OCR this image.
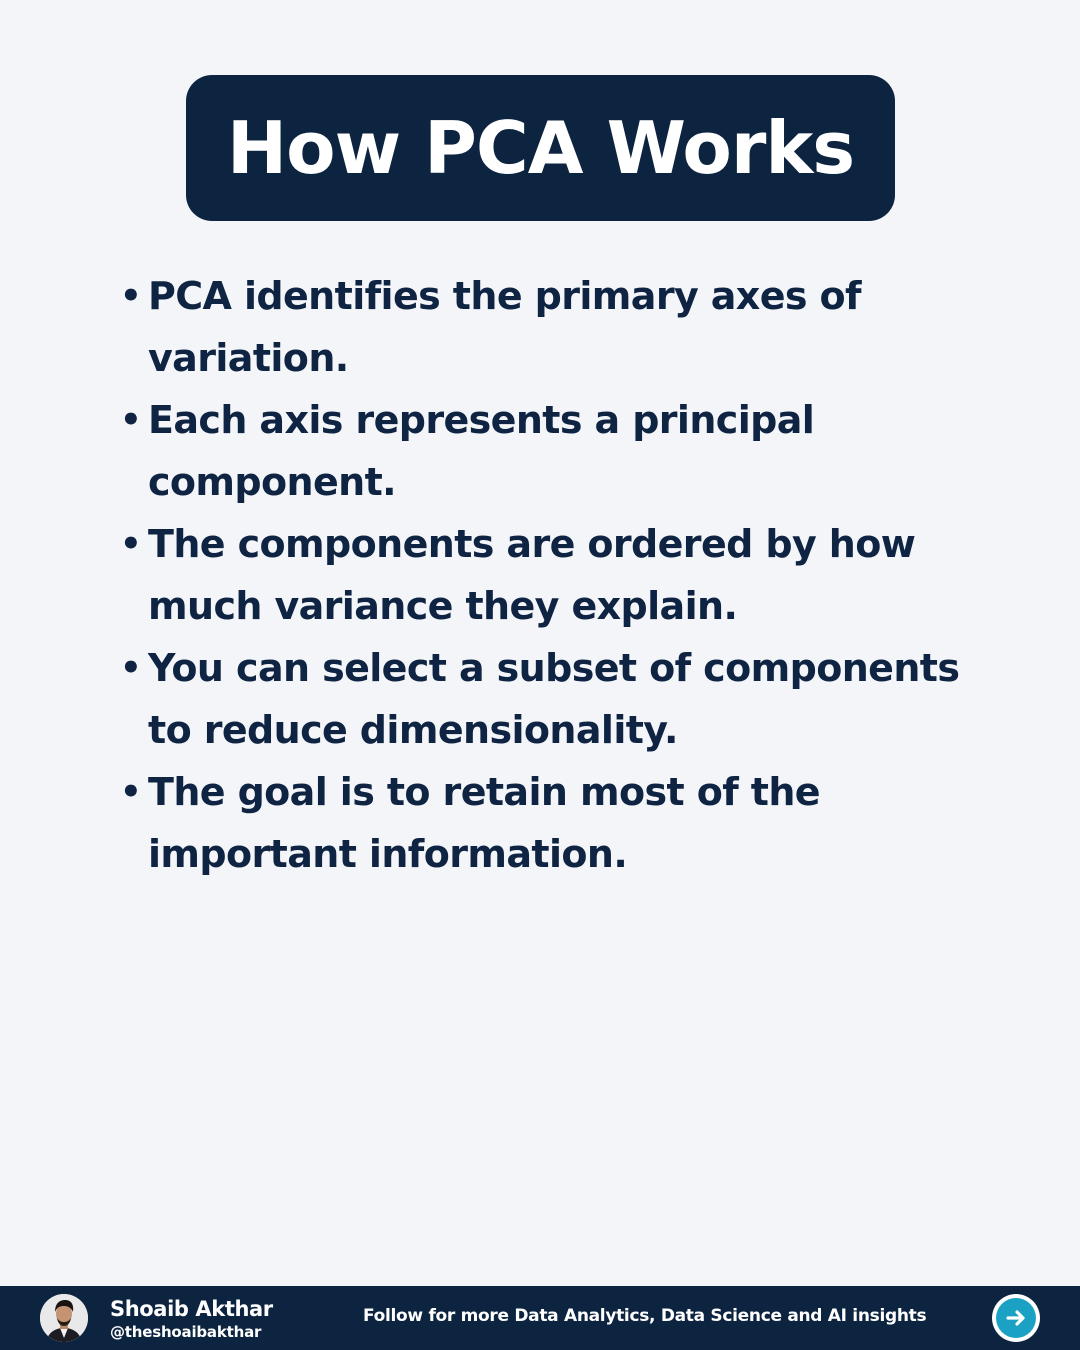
How PCA Works
• PCA identifies the primary axes of variation.
• Each axis represents a principal component.
• The components are ordered by how much variance they explain.
• You can select a subset of components to reduce dimensionality.
• The goal is to retain most of the important information.
Shoaib Akthar
@theshoaibakthar
Follow for more Data Analytics, Data Science and AI insights
